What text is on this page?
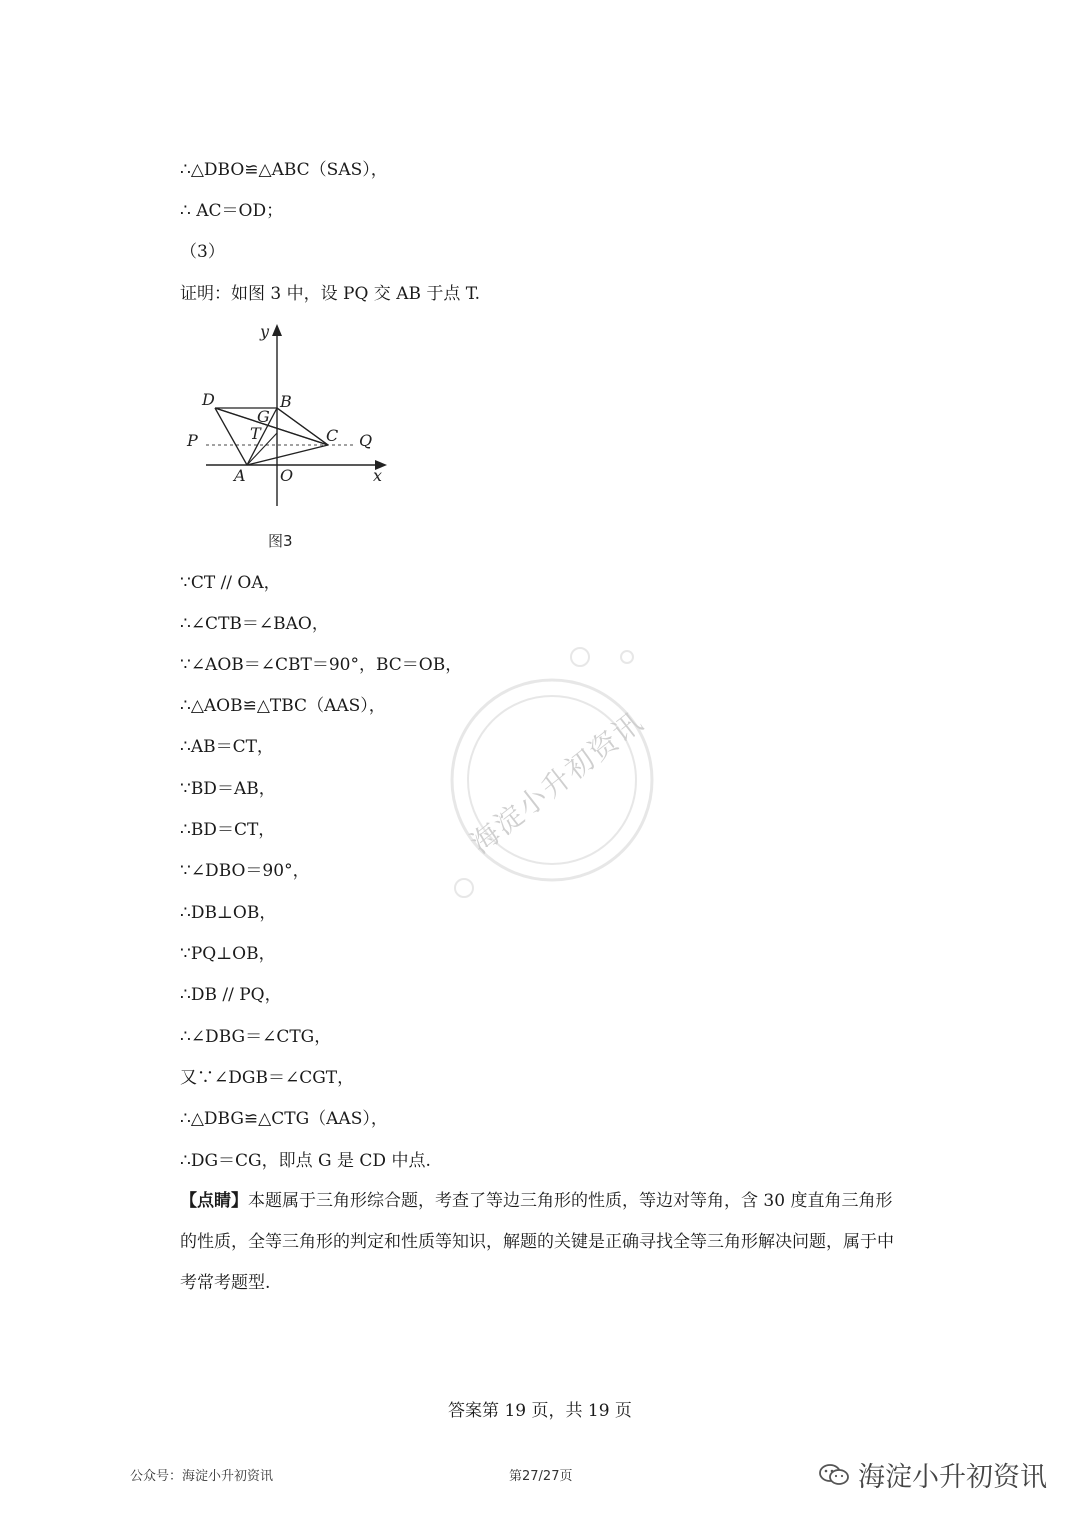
海淀小升初资讯
∴△DBO≌△ABC（SAS），
∴ AC＝OD；
（3）
证明：如图 3 中，设 PQ 交 AB 于点 T.
y
x
D	B
G
T
P	C Q
A O
图3
∵CT // OA，
∴∠CTB＝∠BAO，
∵∠AOB＝∠CBT＝90°，BC＝OB，
∴△AOB≌△TBC（AAS），
∴AB＝CT，
∵BD＝AB，
∴BD＝CT，
∵∠DBO＝90°，
∴DB⊥OB，
∵PQ⊥OB，
∴DB // PQ，
∴∠DBG＝∠CTG，
又∵∠DGB＝∠CGT，
∴△DBG≌△CTG（AAS），
∴DG＝CG，即点 G 是 CD 中点.
【点睛】本题属于三角形综合题，考查了等边三角形的性质，等边对等角，含 30 度直角三角形的性质，全等三角形的判定和性质等知识，解题的关键是正确寻找全等三角形解决问题，属于中考常考题型.
答案第 19 页，共 19 页
公众号：海淀小升初资讯	第27/27页	海淀小升初资讯
